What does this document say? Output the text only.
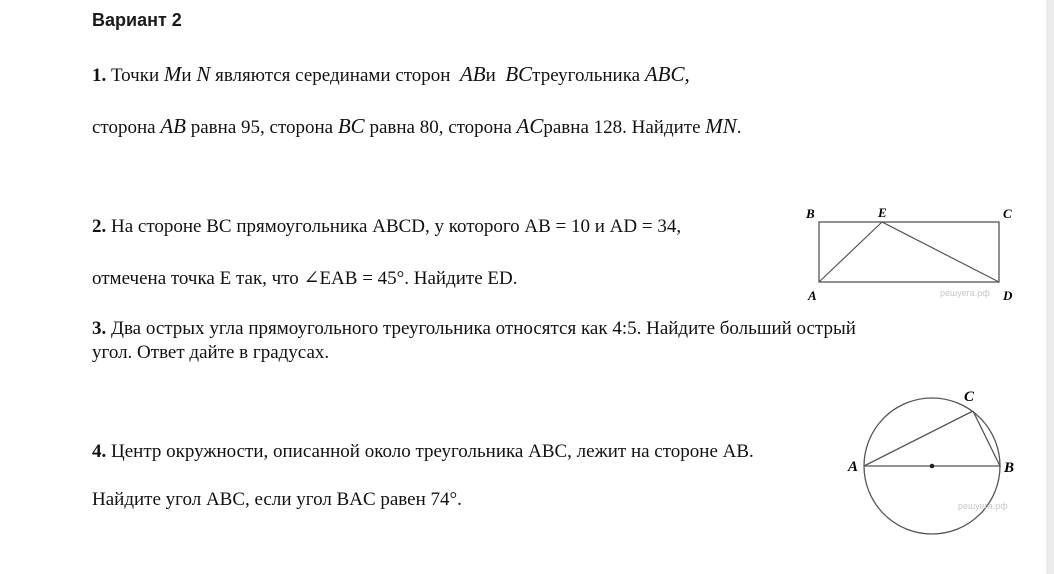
Вариант 2
1. Точки Mи N являются серединами сторон ABи BCтреугольника ABC,
сторона AB равна 95, сторона BC равна 80, сторона ACравна 128. Найдите MN.
2. На стороне BC прямоугольника ABCD, у которого AB = 10 и AD = 34,
отмечена точка E так, что ∠EAB = 45°. Найдите ED.
B	E	C
A	D
решуега.рф
3. Два острых угла прямоугольного треугольника относятся как 4:5. Найдите больший острый
угол. Ответ дайте в градусах.
4. Центр окружности, описанной около треугольника ABC, лежит на стороне AB.
Найдите угол ABC, если угол BAC равен 74°.
A	B
C
решуега.рф
